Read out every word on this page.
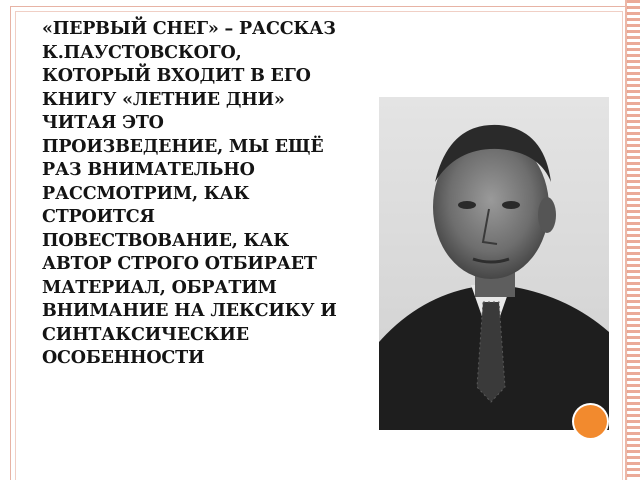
«ПЕРВЫЙ СНЕГ» – РАССКАЗ К.ПАУСТОВСКОГО, КОТОРЫЙ ВХОДИТ В ЕГО КНИГУ «ЛЕТНИЕ ДНИ»

ЧИТАЯ ЭТО ПРОИЗВЕДЕНИЕ, МЫ ЕЩЁ РАЗ ВНИМАТЕЛЬНО РАССМОТРИМ, КАК СТРОИТСЯ ПОВЕСТВОВАНИЕ, КАК АВТОР СТРОГО ОТБИРАЕТ МАТЕРИАЛ, ОБРАТИМ ВНИМАНИЕ НА ЛЕКСИКУ И СИНТАКСИЧЕСКИЕ ОСОБЕННОСТИ
